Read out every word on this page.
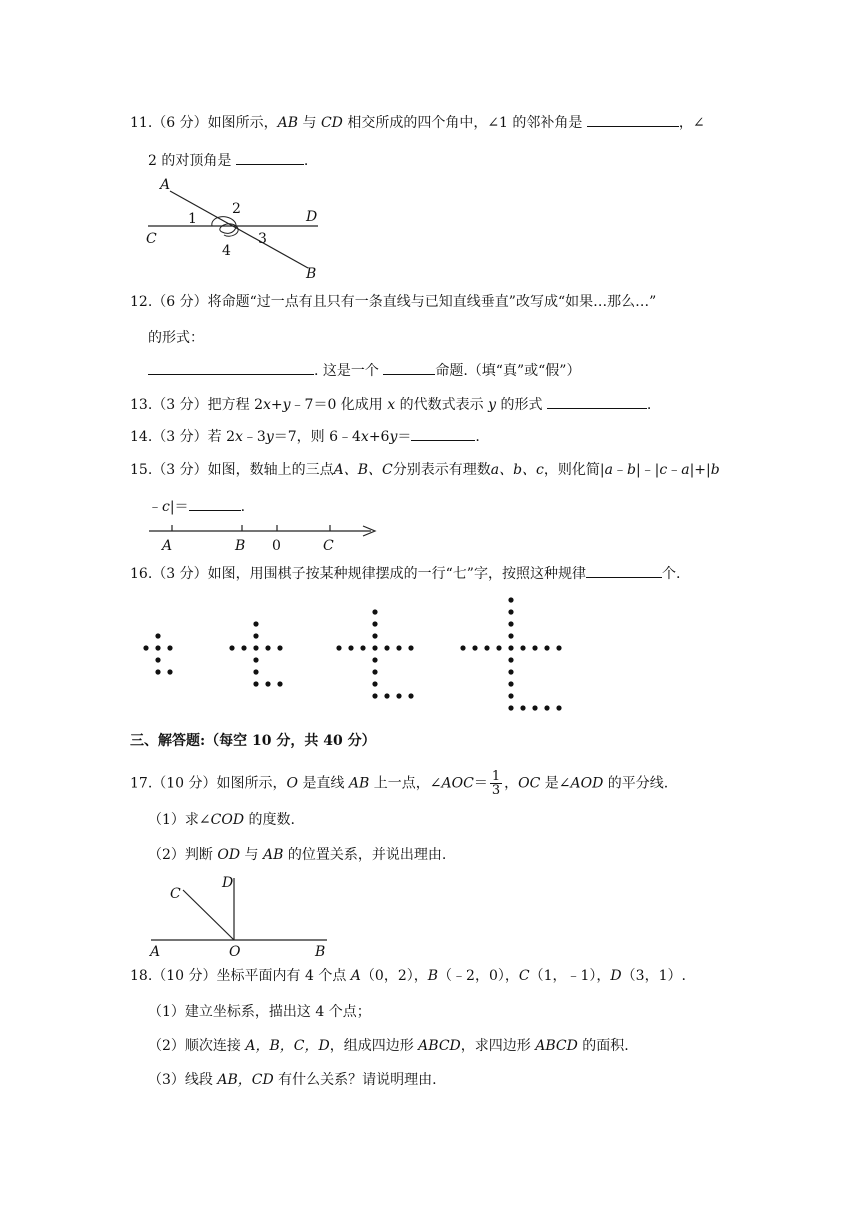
11.（6 分）如图所示，AB 与 CD 相交所成的四个角中，∠1 的邻补角是	，∠
2 的对顶角是	.
A
B
C
D
1
2
3
4
12.（6 分）将命题“过一点有且只有一条直线与已知直线垂直”改写成“如果…那么…”
的形式：
. 这是一个	命题.（填“真”或“假”）
13.（3 分）把方程 2x+y﹣7＝0 化成用 x 的代数式表示 y 的形式	.
14.（3 分）若 2x﹣3y＝7，则 6﹣4x+6y＝	.
15.（3 分）如图，数轴上的三点A、B、C分别表示有理数a、b、c，则化简|a﹣b|﹣|c﹣a|+|b
﹣c|＝	.
A	B 0	C
16.（3 分）如图，用围棋子按某种规律摆成的一行“七”字，按照这种规律	个.
三、解答题:（每空 10 分，共 40 分）
17.（10 分）如图所示，O 是直线 AB 上一点，∠AOC＝ $\frac{1}{3}$ ，OC 是∠AOD 的平分线.
（1）求∠COD 的度数.
（2）判断 OD 与 AB 的位置关系，并说出理由.
A	B
C
D
O
18.（10 分）坐标平面内有 4 个点 A（0，2），B（﹣2，0），C（1，﹣1），D（3，1）.
（1）建立坐标系，描出这 4 个点；
（2）顺次连接 A，B，C，D，组成四边形 ABCD，求四边形 ABCD 的面积.
（3）线段 AB，CD 有什么关系？请说明理由.
